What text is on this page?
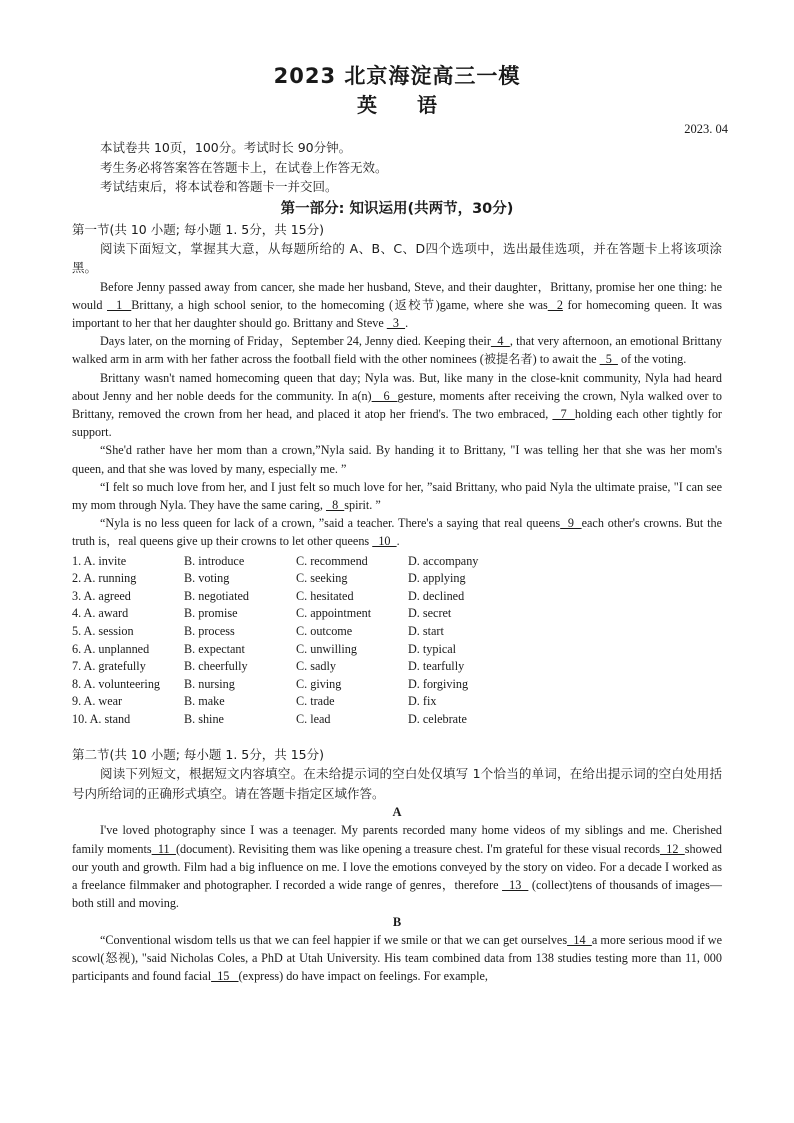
2023 北京海淀高三一模
英 语
2023. 04
本试卷共 10页，100分。考试时长 90分钟。
考生务必将答案答在答题卡上，在试卷上作答无效。
考试结束后，将本试卷和答题卡一并交回。
第一部分: 知识运用(共两节，30分)
第一节(共 10 小题; 每小题 1. 5分，共 15分)
阅读下面短文，掌握其大意，从每题所给的 A、B、C、D四个选项中，选出最佳选项，并在答题卡上将该项涂黑。

Before Jenny passed away from cancer, she made her husband, Steve, and their daughter，Brittany, promise her one thing: he would   1  Brittany, a high school senior, to the homecoming (返校节)game, where she was  2 for homecoming queen. It was important to her that her daughter should go. Brittany and Steve   3  .

Days later, on the morning of Friday，September 24, Jenny died. Keeping their  4  , that very afternoon, an emotional Brittany walked arm in arm with her father across the football field with the other nominees (被提名者) to await the   5   of the voting.

Brittany wasn't named homecoming queen that day; Nyla was. But, like many in the close-knit community, Nyla had heard about Jenny and her noble deeds for the community. In a(n)   6  gesture, moments after receiving the crown, Nyla walked over to Brittany, removed the crown from her head, and placed it atop her friend's. The two embraced,   7  holding each other tightly for support.

“She'd rather have her mom than a crown,”Nyla said. By handing it to Brittany, "I was telling her that she was her mom's queen, and that she was loved by many, especially me. ”

“I felt so much love from her, and I just felt so much love for her, ”said Brittany, who paid Nyla the ultimate praise, "I can see my mom through Nyla. They have the same caring,   8  spirit. ”

“Nyla is no less queen for lack of a crown, ”said a teacher. There's a saying that real queens  9  each other's crowns. But the truth is，real queens give up their crowns to let other queens   10  .

1. A. invite	B. introduce	C. recommend	D. accompany
2. A. running	B. voting	C. seeking	D. applying
3. A. agreed	B. negotiated	C. hesitated	D. declined
4. A. award	B. promise	C. appointment	D. secret
5. A. session	B. process	C. outcome	D. start
6. A. unplanned	B. expectant	C. unwilling	D. typical
7. A. gratefully	B. cheerfully	C. sadly	D. tearfully
8. A. volunteering	B. nursing	C. giving	D. forgiving
9. A. wear	B. make	C. trade	D. fix
10. A. stand	B. shine	C. lead	D. celebrate
第二节(共 10 小题; 每小题 1. 5分，共 15分)
阅读下列短文，根据短文内容填空。在未给提示词的空白处仅填写 1个恰当的单词，在给出提示词的空白处用括号内所给词的正确形式填空。请在答题卡指定区域作答。
A

I've loved photography since I was a teenager. My parents recorded many home videos of my siblings and me. Cherished family moments  11  (document). Revisiting them was like opening a treasure chest. I'm grateful for these visual records  12  showed our youth and growth. Film had a big influence on me. I love the emotions conveyed by the story on video. For a decade I worked as a freelance filmmaker and photographer. I recorded a wide range of genres，therefore   13   (collect)tens of thousands of images—both still and moving.

B

“Conventional wisdom tells us that we can feel happier if we smile or that we can get ourselves  14  a more serious mood if we scowl(怒视), "said Nicholas Coles, a PhD at Utah University. His team combined data from 138 studies testing more than 11, 000 participants and found facial  15   (express) do have impact on feelings. For example,
